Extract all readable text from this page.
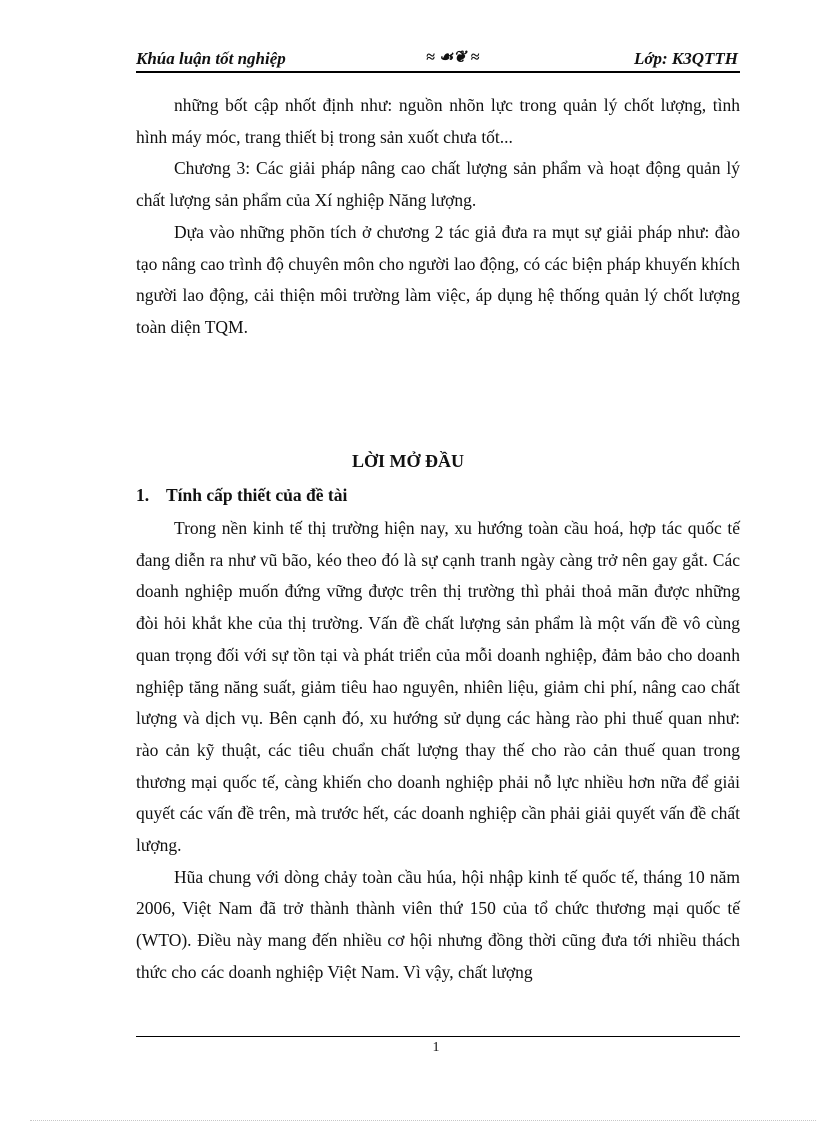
Khúa luận tốt nghiệp	≈ ☙❦ ≈	Lớp: K3QTTH

những bốt cập nhốt định như: nguồn nhõn lực trong quản lý chốt lượng, tình hình máy móc, trang thiết bị trong sản xuốt chưa tốt...

Chương 3: Các giải pháp nâng cao chất lượng sản phẩm và hoạt động quản lý chất lượng sản phẩm của Xí nghiệp Năng lượng.

Dựa vào những phõn tích ở chương 2 tác giả đưa ra mụt sự giải pháp như: đào tạo nâng cao trình độ chuyên môn cho người lao động, có các biện pháp khuyến khích người lao động, cải thiện môi trường làm việc, áp dụng hệ thống quản lý chốt lượng toàn diện TQM.

LỜI MỞ ĐẦU
1. Tính cấp thiết của đề tài

Trong nền kinh tế thị trường hiện nay, xu hướng toàn cầu hoá, hợp tác quốc tế đang diễn ra như vũ bão, kéo theo đó là sự cạnh tranh ngày càng trở nên gay gắt. Các doanh nghiệp muốn đứng vững được trên thị trường thì phải thoả mãn được những đòi hỏi khắt khe của thị trường. Vấn đề chất lượng sản phẩm là một vấn đề vô cùng quan trọng đối với sự tồn tại và phát triển của mỗi doanh nghiệp, đảm bảo cho doanh nghiệp tăng năng suất, giảm tiêu hao nguyên, nhiên liệu, giảm chi phí, nâng cao chất lượng và dịch vụ. Bên cạnh đó, xu hướng sử dụng các hàng rào phi thuế quan như: rào cản kỹ thuật, các tiêu chuẩn chất lượng thay thế cho rào cản thuế quan trong thương mại quốc tế, càng khiến cho doanh nghiệp phải nỗ lực nhiều hơn nữa để giải quyết các vấn đề trên, mà trước hết, các doanh nghiệp cần phải giải quyết vấn đề chất lượng.

Hũa chung với dòng chảy toàn cầu húa, hội nhập kinh tế quốc tế, tháng 10 năm 2006, Việt Nam đã trở thành thành viên thứ 150 của tổ chức thương mại quốc tế (WTO). Điều này mang đến nhiều cơ hội nhưng đồng thời cũng đưa tới nhiều thách thức cho các doanh nghiệp Việt Nam. Vì vậy, chất lượng

1
